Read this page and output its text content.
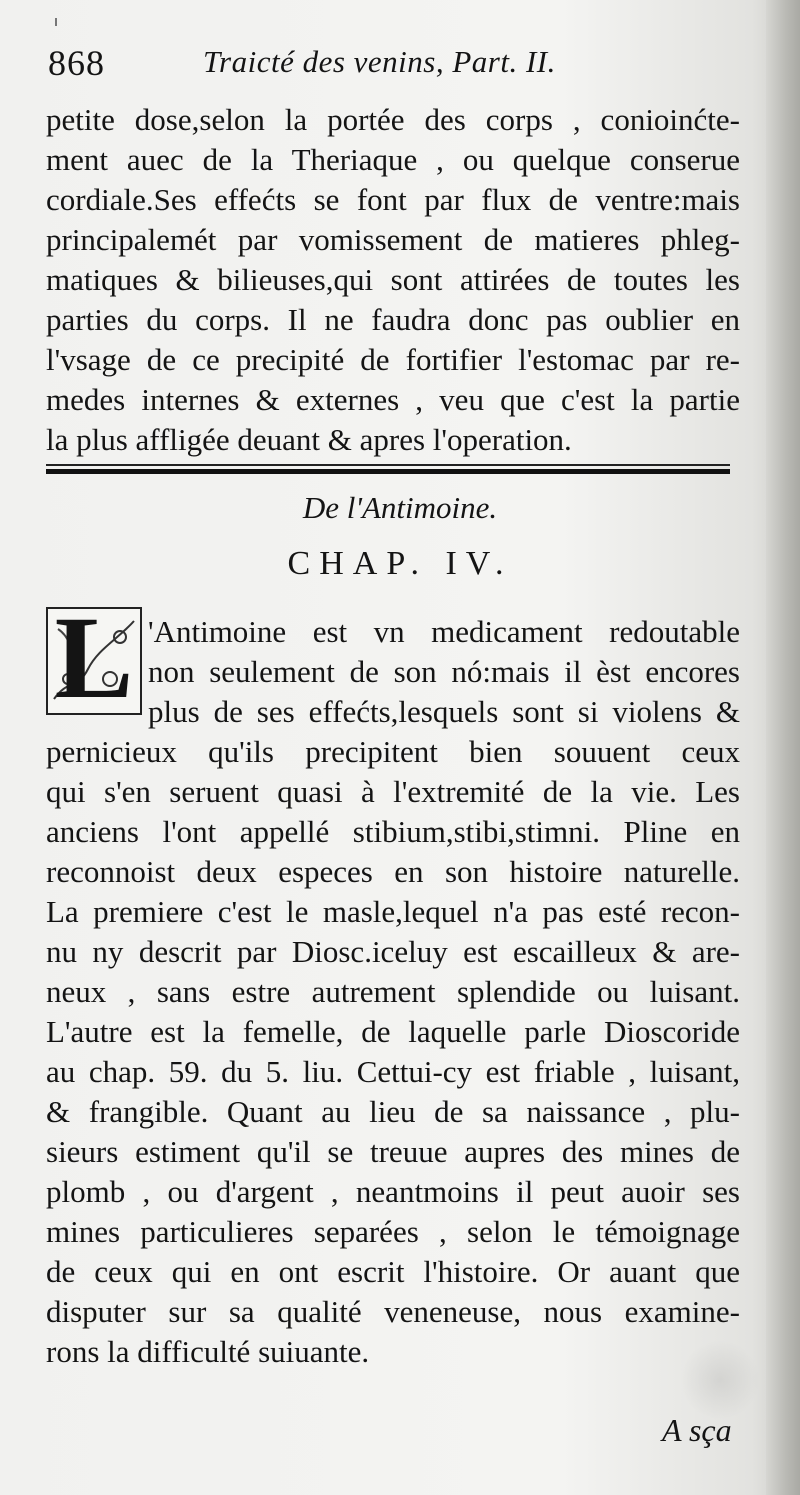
868	Traicté des venins, Part. II.
petite dose,selon la portée des corps , conioinćte-
ment auec de la Theriaque , ou quelque conserue
cordiale.Ses effećts se font par flux de ventre:mais
principalemét par vomissement de matieres phleg-
matiques & bilieuses,qui sont attirées de toutes les
parties du corps. Il ne faudra donc pas oublier en
l'vsage de ce precipité de fortifier l'estomac par re-
medes internes & externes , veu que c'est la partie
la plus affligée deuant & apres l'operation.
De l'Antimoine.
CHAP. IV.
L 'Antimoine est vn medicament redoutable
non seulement de son nó:mais il èst encores
plus de ses effećts,lesquels sont si violens &
pernicieux qu'ils precipitent bien souuent ceux
qui s'en seruent quasi à l'extremité de la vie. Les
anciens l'ont appellé stibium,stibi,stimni. Pline en
reconnoist deux especes en son histoire naturelle.
La premiere c'est le masle,lequel n'a pas esté recon-
nu ny descrit par Diosc.iceluy est escailleux & are-
neux , sans estre autrement splendide ou luisant.
L'autre est la femelle, de laquelle parle Dioscoride
au chap. 59. du 5. liu. Cettui-cy est friable , luisant,
& frangible. Quant au lieu de sa naissance , plu-
sieurs estiment qu'il se treuue aupres des mines de
plomb , ou d'argent , neantmoins il peut auoir ses
mines particulieres separées , selon le témoignage
de ceux qui en ont escrit l'histoire. Or auant que
disputer sur sa qualité veneneuse, nous examine-
rons la difficulté suiuante.
A sça
